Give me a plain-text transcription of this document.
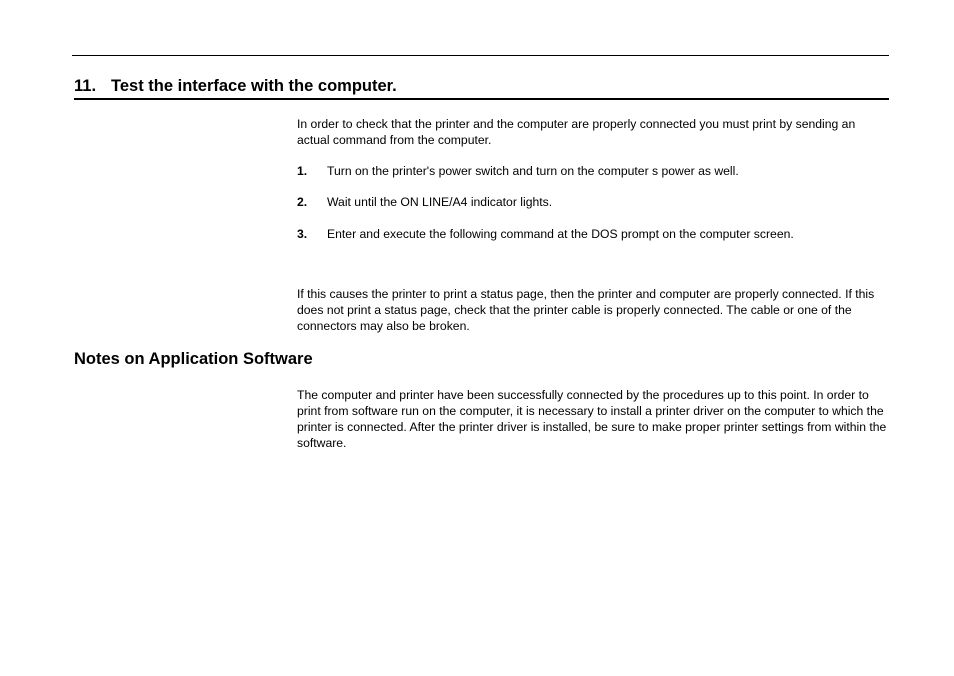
11. Test the interface with the computer.
In order to check that the printer and the computer are properly connected you must print by sending an actual command from the computer.
1. Turn on the printer's power switch and turn on the computer s power as well.
2. Wait until the ON LINE/A4 indicator lights.
3. Enter and execute the following command at the DOS prompt on the computer screen.
If this causes the printer to print a status page, then the printer and computer are properly connected. If this does not print a status page, check that the printer cable is properly connected. The cable or one of the connectors may also be broken.
Notes on Application Software
The computer and printer have been successfully connected by the procedures up to this point. In order to print from software run on the computer, it is necessary to install a printer driver on the computer to which the printer is connected. After the printer driver is installed, be sure to make proper printer settings from within the software.
